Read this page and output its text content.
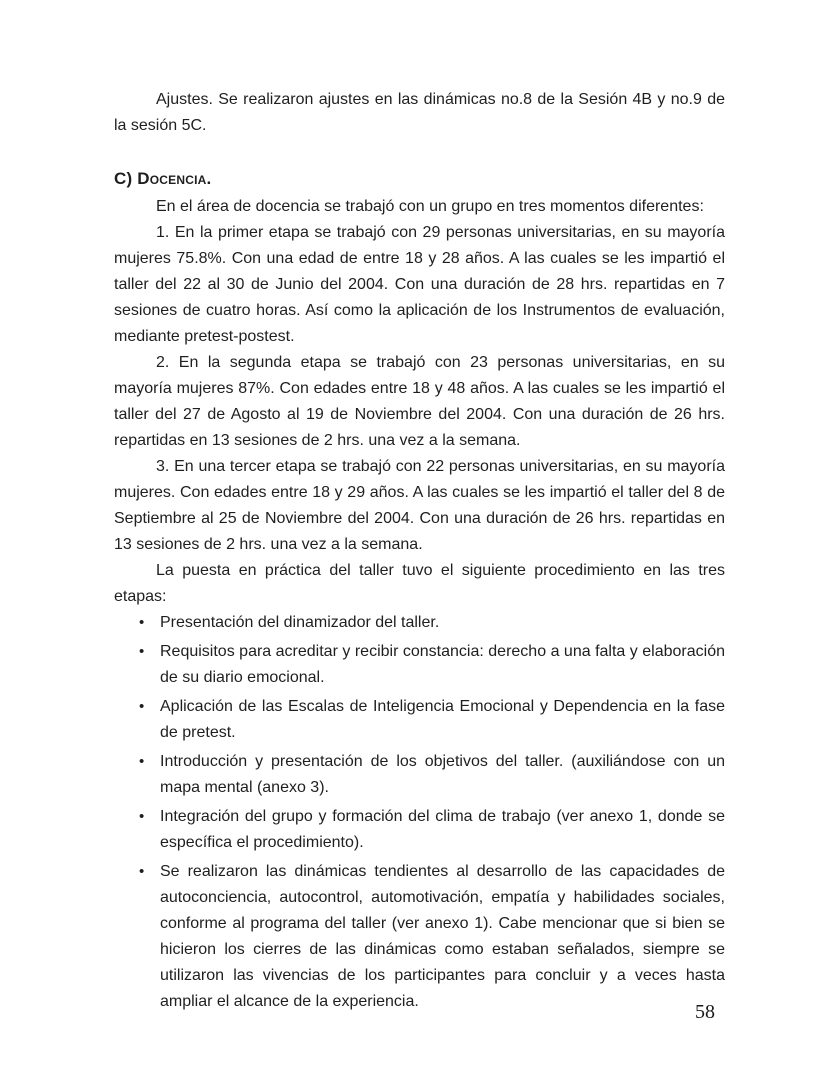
Ajustes. Se realizaron ajustes en las dinámicas no.8 de la Sesión 4B y no.9 de la sesión 5C.

C) Docencia.

En el área de docencia se trabajó con un grupo en tres momentos diferentes:

1. En la primer etapa se trabajó con 29 personas universitarias, en su mayoría mujeres 75.8%. Con una edad de entre 18 y 28 años. A las cuales se les impartió el taller del 22 al 30 de Junio del 2004. Con una duración de 28 hrs. repartidas en 7 sesiones de cuatro horas. Así como la aplicación de los Instrumentos de evaluación, mediante pretest-postest.

2. En la segunda etapa se trabajó con 23 personas universitarias, en su mayoría mujeres 87%. Con edades entre 18 y 48 años. A las cuales se les impartió el taller del 27 de Agosto al 19 de Noviembre del 2004. Con una duración de 26 hrs. repartidas en 13 sesiones de 2 hrs. una vez a la semana.

3. En una tercer etapa se trabajó con 22 personas universitarias, en su mayoría mujeres. Con edades entre 18 y 29 años. A las cuales se les impartió el taller del 8 de Septiembre al 25 de Noviembre del 2004. Con una duración de 26 hrs. repartidas en 13 sesiones de 2 hrs. una vez a la semana.

La puesta en práctica del taller tuvo el siguiente procedimiento en las tres etapas:

• Presentación del dinamizador del taller.
• Requisitos para acreditar y recibir constancia: derecho a una falta y elaboración de su diario emocional.
• Aplicación de las Escalas de Inteligencia Emocional y Dependencia en la fase de pretest.
• Introducción y presentación de los objetivos del taller. (auxiliándose con un mapa mental (anexo 3).
• Integración del grupo y formación del clima de trabajo (ver anexo 1, donde se específica el procedimiento).
• Se realizaron las dinámicas tendientes al desarrollo de las capacidades de autoconciencia, autocontrol, automotivación, empatía y habilidades sociales, conforme al programa del taller (ver anexo 1). Cabe mencionar que si bien se hicieron los cierres de las dinámicas como estaban señalados, siempre se utilizaron las vivencias de los participantes para concluir y a veces hasta ampliar el alcance de la experiencia.	58
